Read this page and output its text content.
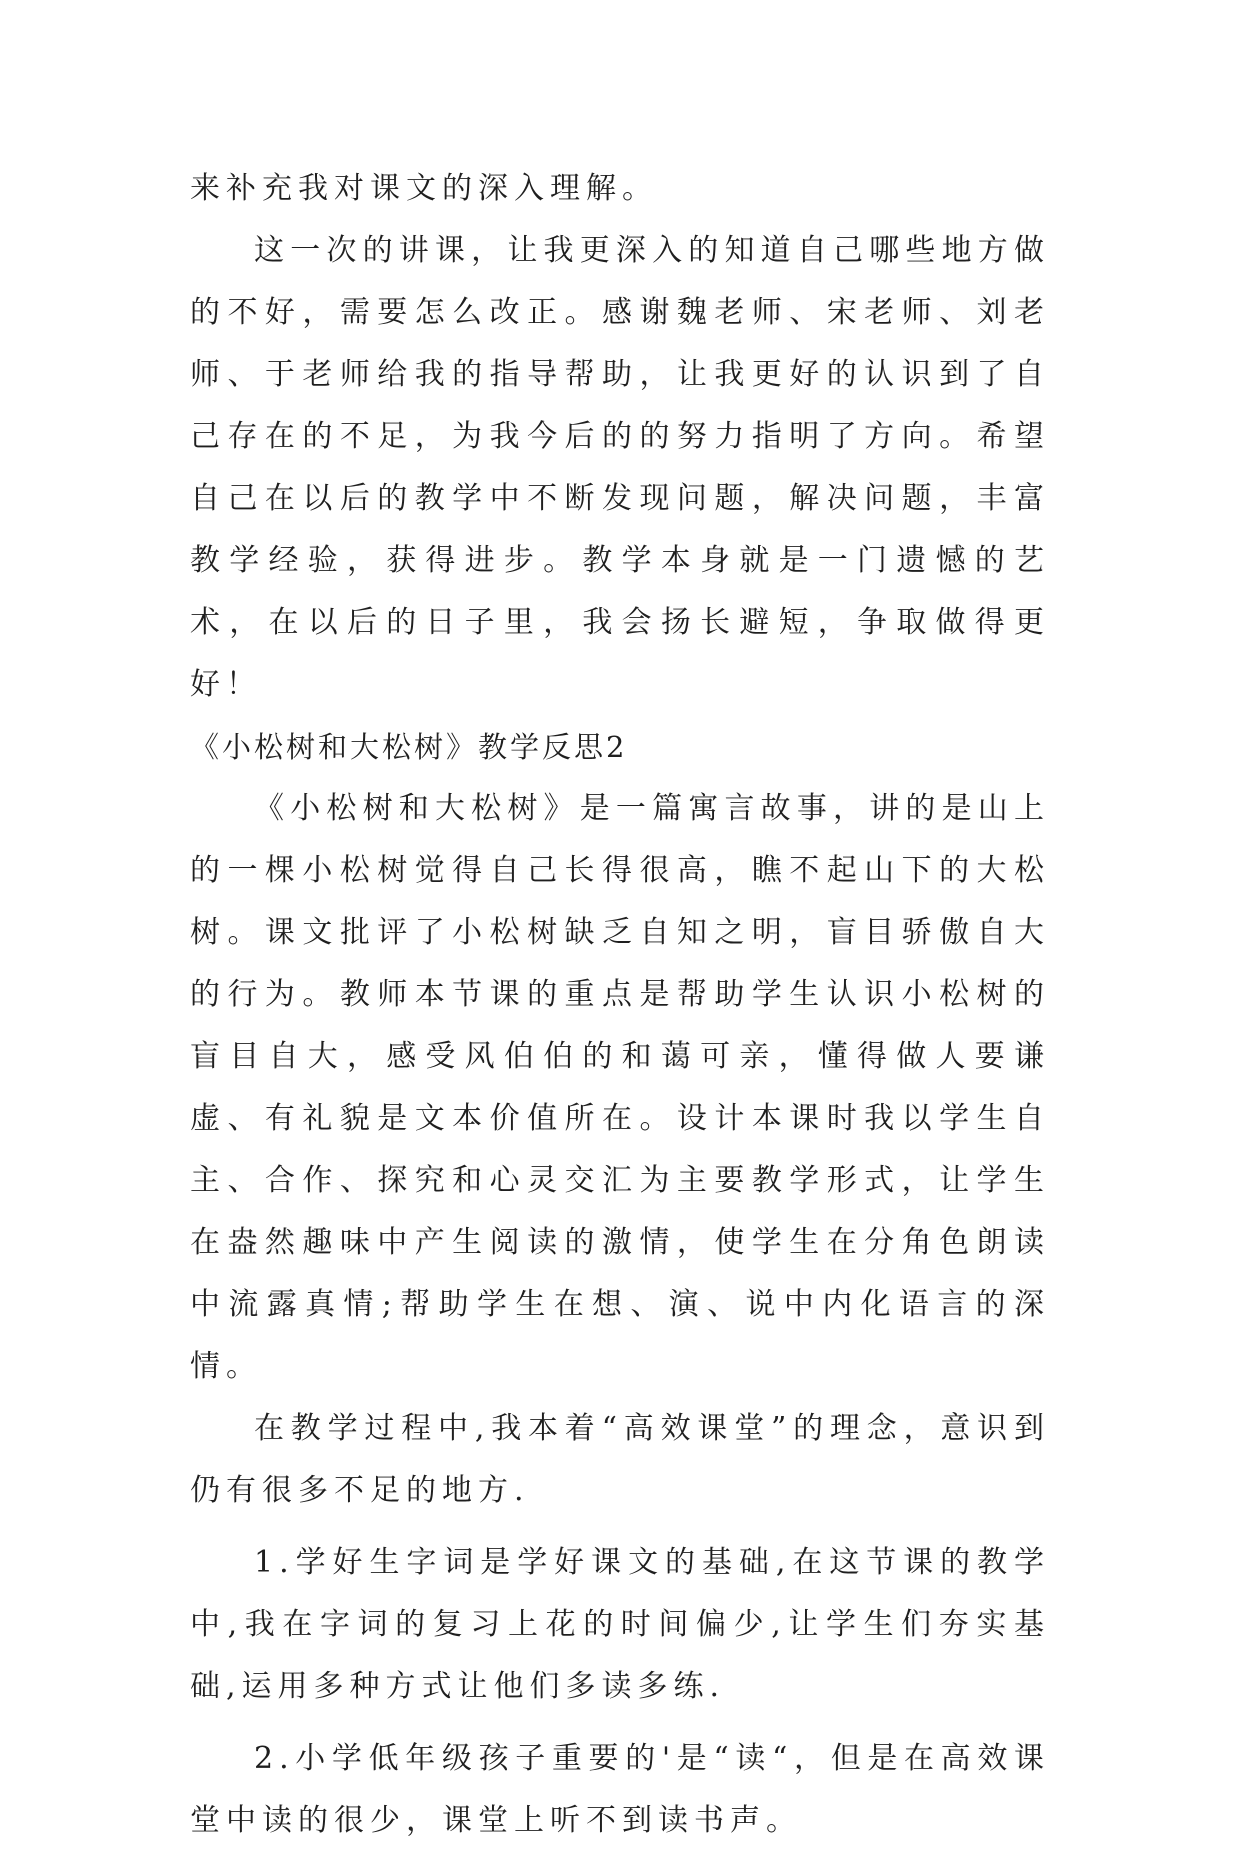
来补充我对课文的深入理解。

这一次的讲课，让我更深入的知道自己哪些地方做的不好，需要怎么改正。感谢魏老师、宋老师、刘老师、于老师给我的指导帮助，让我更好的认识到了自己存在的不足，为我今后的的努力指明了方向。希望自己在以后的教学中不断发现问题，解决问题，丰富教学经验，获得进步。教学本身就是一门遗憾的艺术，在以后的日子里，我会扬长避短，争取做得更好！

《小松树和大松树》教学反思2

《小松树和大松树》是一篇寓言故事，讲的是山上的一棵小松树觉得自己长得很高，瞧不起山下的大松树。课文批评了小松树缺乏自知之明，盲目骄傲自大的行为。教师本节课的重点是帮助学生认识小松树的盲目自大，感受风伯伯的和蔼可亲，懂得做人要谦虚、有礼貌是文本价值所在。设计本课时我以学生自主、合作、探究和心灵交汇为主要教学形式，让学生在盎然趣味中产生阅读的激情，使学生在分角色朗读中流露真情;帮助学生在想、演、说中内化语言的深情。

在教学过程中,我本着“高效课堂”的理念，意识到仍有很多不足的地方.

1.学好生字词是学好课文的基础,在这节课的教学中,我在字词的复习上花的时间偏少,让学生们夯实基础,运用多种方式让他们多读多练.

2.小学低年级孩子重要的'是“读“，但是在高效课堂中读的很少，课堂上听不到读书声。
